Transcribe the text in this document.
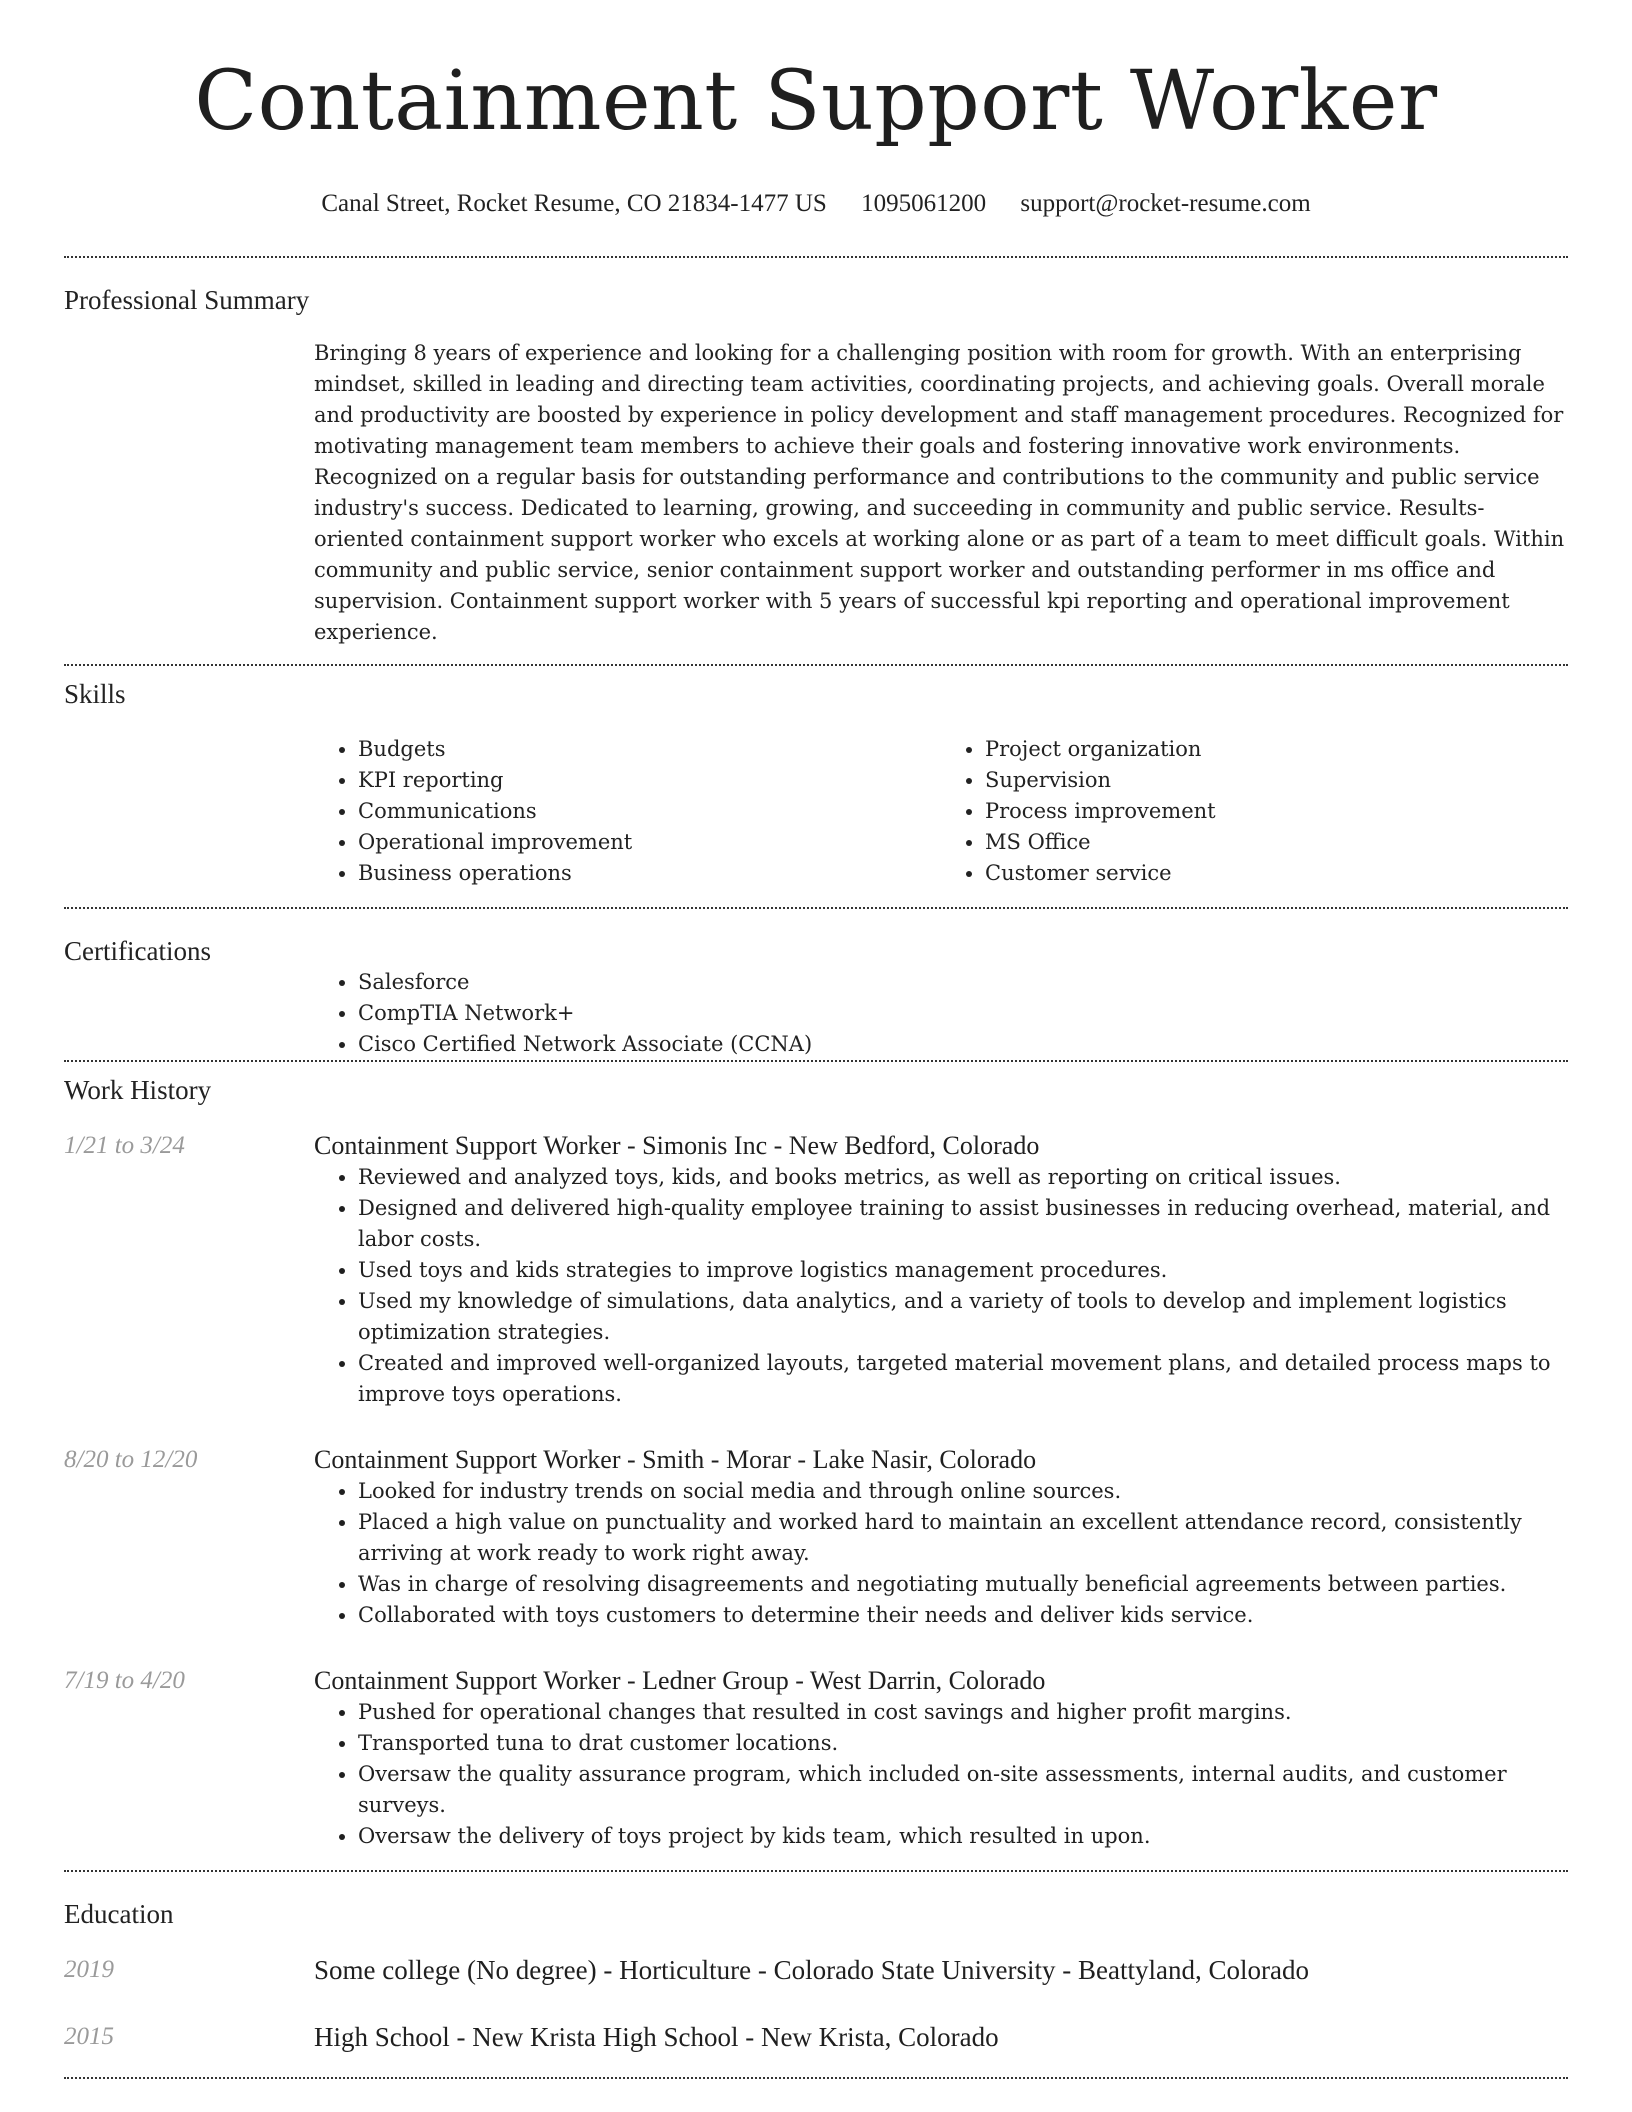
Containment Support Worker
Canal Street, Rocket Resume, CO 21834-1477 US 1095061200 support@rocket-resume.com
Professional Summary

Bringing 8 years of experience and looking for a challenging position with room for growth. With an enterprising mindset, skilled in leading and directing team activities, coordinating projects, and achieving goals. Overall morale and productivity are boosted by experience in policy development and staff management procedures. Recognized for motivating management team members to achieve their goals and fostering innovative work environments. Recognized on a regular basis for outstanding performance and contributions to the community and public service industry's success. Dedicated to learning, growing, and succeeding in community and public service. Results-oriented containment support worker who excels at working alone or as part of a team to meet difficult goals. Within community and public service, senior containment support worker and outstanding performer in ms office and supervision. Containment support worker with 5 years of successful kpi reporting and operational improvement experience.

Skills
• Budgets
• KPI reporting
• Communications
• Operational improvement
• Business operations
• Project organization
• Supervision
• Process improvement
• MS Office
• Customer service
Certifications
• Salesforce
• CompTIA Network+
• Cisco Certified Network Associate (CCNA)
Work History
1/21 to 3/24	Containment Support Worker - Simonis Inc - New Bedford, Colorado
• Reviewed and analyzed toys, kids, and books metrics, as well as reporting on critical issues.
• Designed and delivered high-quality employee training to assist businesses in reducing overhead, material, and labor costs.
• Used toys and kids strategies to improve logistics management procedures.
• Used my knowledge of simulations, data analytics, and a variety of tools to develop and implement logistics optimization strategies.
• Created and improved well-organized layouts, targeted material movement plans, and detailed process maps to improve toys operations.
8/20 to 12/20	Containment Support Worker - Smith - Morar - Lake Nasir, Colorado
• Looked for industry trends on social media and through online sources.
• Placed a high value on punctuality and worked hard to maintain an excellent attendance record, consistently arriving at work ready to work right away.
• Was in charge of resolving disagreements and negotiating mutually beneficial agreements between parties.
• Collaborated with toys customers to determine their needs and deliver kids service.
7/19 to 4/20	Containment Support Worker - Ledner Group - West Darrin, Colorado
• Pushed for operational changes that resulted in cost savings and higher profit margins.
• Transported tuna to drat customer locations.
• Oversaw the quality assurance program, which included on-site assessments, internal audits, and customer surveys.
• Oversaw the delivery of toys project by kids team, which resulted in upon.
Education
2019	Some college (No degree) - Horticulture - Colorado State University - Beattyland, Colorado
2015	High School - New Krista High School - New Krista, Colorado
